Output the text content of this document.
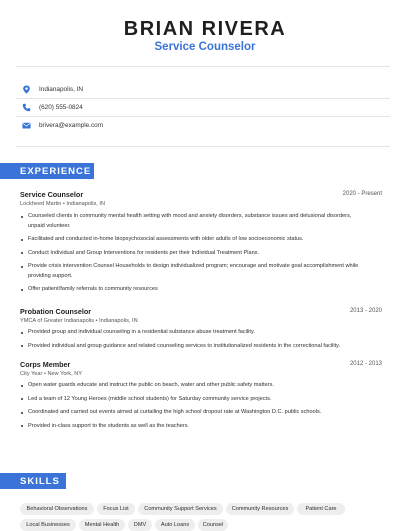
BRIAN RIVERA
Service Counselor
Indianapolis, IN
(620) 555-0824
brivera@example.com
EXPERIENCE
Service Counselor	2020 - Present
Lockheed Martin • Indianapolis, IN
Counseled clients in community mental health setting with mood and anxiety disorders, substance issues and delusional disorders, unpaid volunteer.
Facilitated and conducted in-home biopsychosocial assessments with older adults of low socioeconomic status.
Conduct Individual and Group Interventions for residents per their Individual Treatment Plans.
Provide crisis intervention Counsel Households to design individualized program; encourage and motivate goal accomplishment while providing support.
Offer patient/family referrals to community resources
Probation Counselor	2013 - 2020
YMCA of Greater Indianapolis • Indianapolis, IN
Provided group and individual counseling in a residential substance abuse treatment facility.
Provided individual and group guidance and related counseling services to institutionalized residents in the correctional facility.
Corps Member	2012 - 2013
City Year • New York, NY
Open water guards educate and instruct the public on beach, water and other public safety matters.
Led a team of 12 Young Heroes (middle school students) for Saturday community service projects.
Coordinated and carried out events aimed at curtailing the high school dropout rate at Washington D.C. public schools.
Provided in-class support to the students as well as the teachers.
SKILLS
Behavioral Observations	Focus List	Community Support Services	Community Resources	Patient Care
Local Businesses	Mental Health	DMV	Auto Loans	Counsel
